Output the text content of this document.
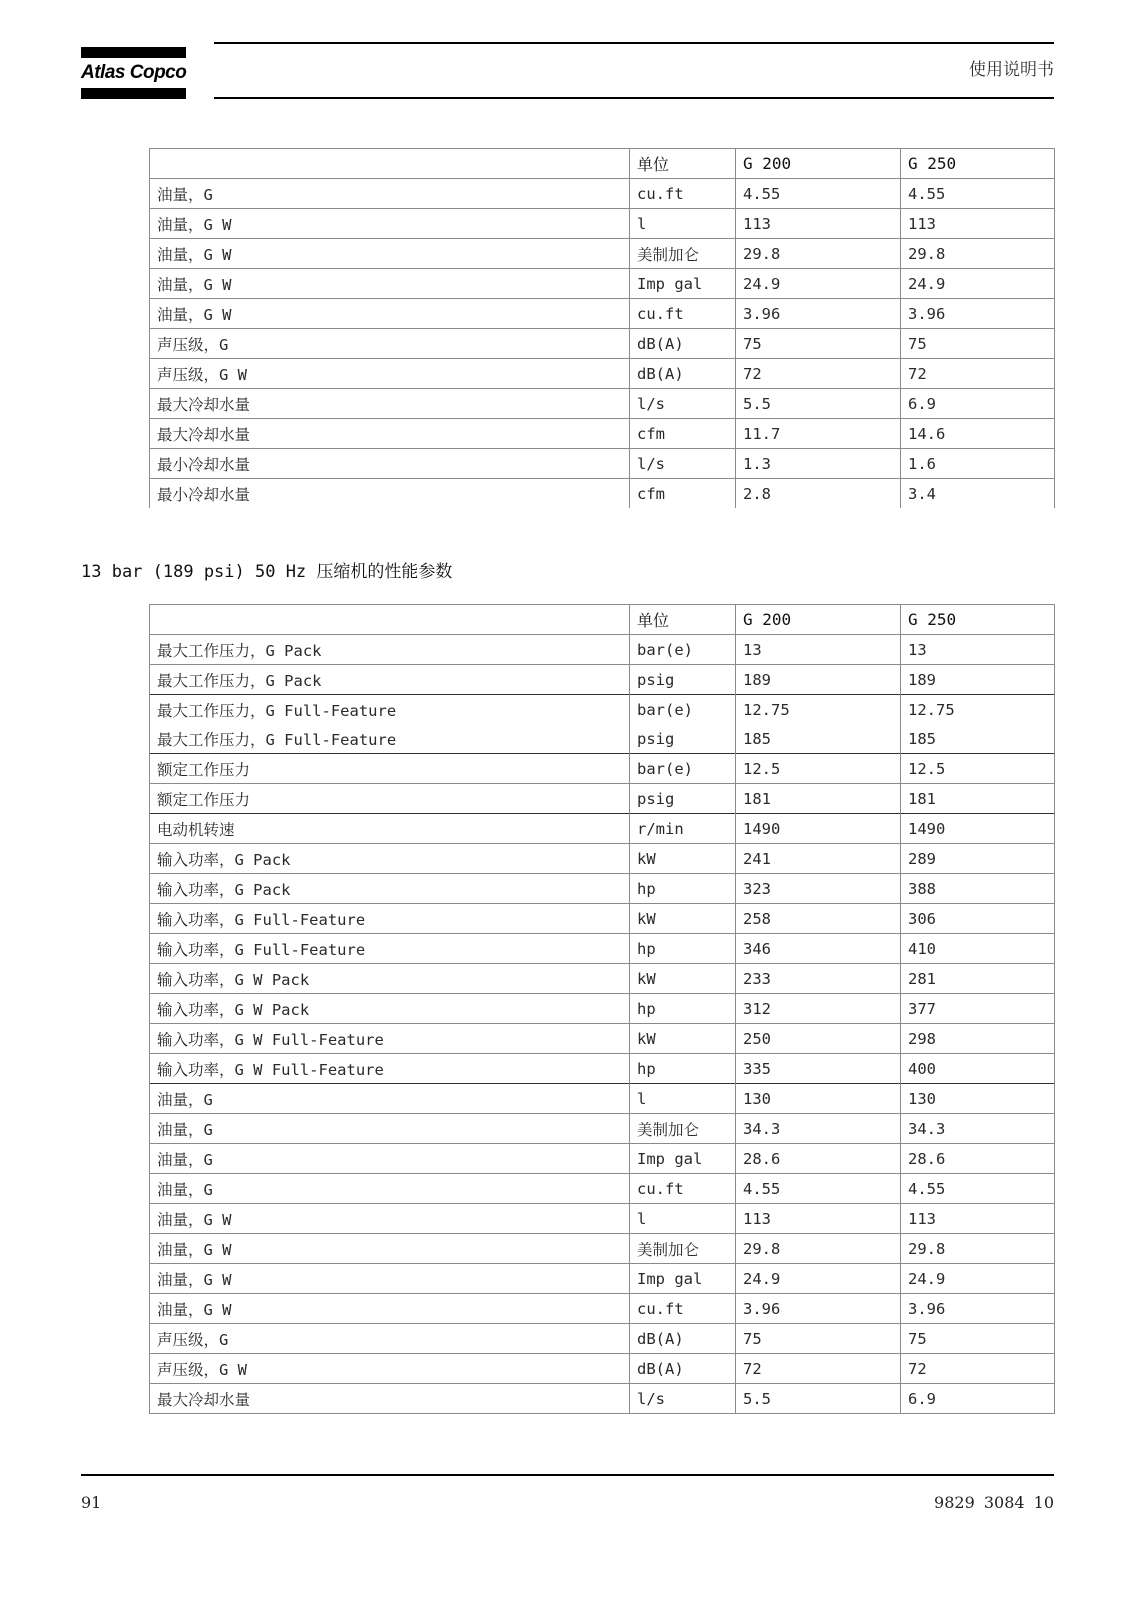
Atlas Copco	使用说明书
	单位	G 200	G 250
油量，G	cu.ft	4.55	4.55
油量，G W	l	113	113
油量，G W	美制加仑	29.8	29.8
油量，G W	Imp gal	24.9	24.9
油量，G W	cu.ft	3.96	3.96
声压级，G	dB(A)	75	75
声压级，G W	dB(A)	72	72
最大冷却水量	l/s	5.5	6.9
最大冷却水量	cfm	11.7	14.6
最小冷却水量	l/s	1.3	1.6
最小冷却水量	cfm	2.8	3.4
13 bar (189 psi) 50 Hz 压缩机的性能参数
	单位	G 200	G 250
最大工作压力，G Pack	bar(e)	13	13
最大工作压力，G Pack	psig	189	189
最大工作压力，G Full-Feature	bar(e)	12.75	12.75
最大工作压力，G Full-Feature	psig	185	185
额定工作压力	bar(e)	12.5	12.5
额定工作压力	psig	181	181
电动机转速	r/min	1490	1490
输入功率，G Pack	kW	241	289
输入功率，G Pack	hp	323	388
输入功率，G Full-Feature	kW	258	306
输入功率，G Full-Feature	hp	346	410
输入功率，G W Pack	kW	233	281
输入功率，G W Pack	hp	312	377
输入功率，G W Full-Feature	kW	250	298
输入功率，G W Full-Feature	hp	335	400
油量，G	l	130	130
油量，G	美制加仑	34.3	34.3
油量，G	Imp gal	28.6	28.6
油量，G	cu.ft	4.55	4.55
油量，G W	l	113	113
油量，G W	美制加仑	29.8	29.8
油量，G W	Imp gal	24.9	24.9
油量，G W	cu.ft	3.96	3.96
声压级，G	dB(A)	75	75
声压级，G W	dB(A)	72	72
最大冷却水量	l/s	5.5	6.9
91	9829 3084 10
